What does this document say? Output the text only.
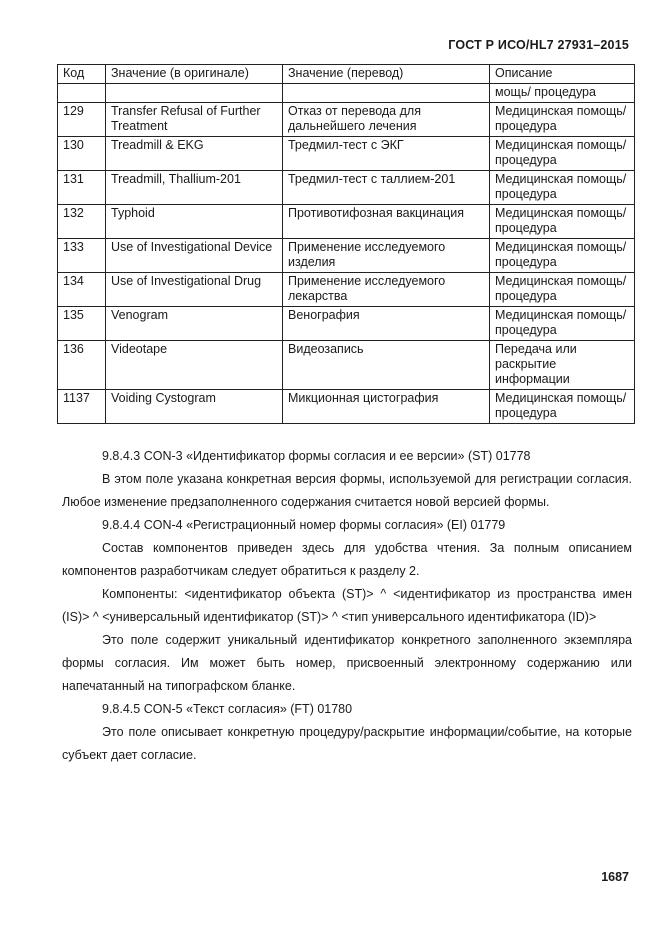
ГОСТ Р ИСО/HL7 27931–2015
Код	Значение (в оригинале)	Значение (перевод)	Описание
			мощь/ процедура
129	Transfer Refusal of Further Treatment	Отказ от перевода для дальнейшего лечения	Медицинская помощь/ процедура
130	Treadmill & EKG	Тредмил-тест с ЭКГ	Медицинская помощь/ процедура
131	Treadmill, Thallium-201	Тредмил-тест с таллием-201	Медицинская помощь/ процедура
132	Typhoid	Противотифозная вакцинация	Медицинская помощь/ процедура
133	Use of Investigational Device	Применение исследуемого изделия	Медицинская помощь/ процедура
134	Use of Investigational Drug	Применение исследуемого лекарства	Медицинская помощь/ процедура
135	Venogram	Венография	Медицинская помощь/ процедура
136	Videotape	Видеозапись	Передача или раскрытие информации
1137	Voiding Cystogram	Микционная цистография	Медицинская помощь/ процедура

9.8.4.3 CON-3 «Идентификатор формы согласия и ее версии» (ST) 01778

В этом поле указана конкретная версия формы, используемой для регистрации согласия. Любое изменение предзаполненного содержания считается новой версией формы.

9.8.4.4 CON-4 «Регистрационный номер формы согласия» (EI) 01779

Состав компонентов приведен здесь для удобства чтения. За полным описанием компонентов разработчикам следует обратиться к разделу 2.

Компоненты: <идентификатор объекта (ST)> ^ <идентификатор из пространства имен (IS)> ^ <универсальный идентификатор (ST)> ^ <тип универсального идентификатора (ID)>

Это поле содержит уникальный идентификатор конкретного заполненного экземпляра формы согласия. Им может быть номер, присвоенный электронному содержанию или напечатанный на типографском бланке.

9.8.4.5 CON-5 «Текст согласия» (FT) 01780

Это поле описывает конкретную процедуру/раскрытие информации/событие, на которые субъект дает согласие.

1687
